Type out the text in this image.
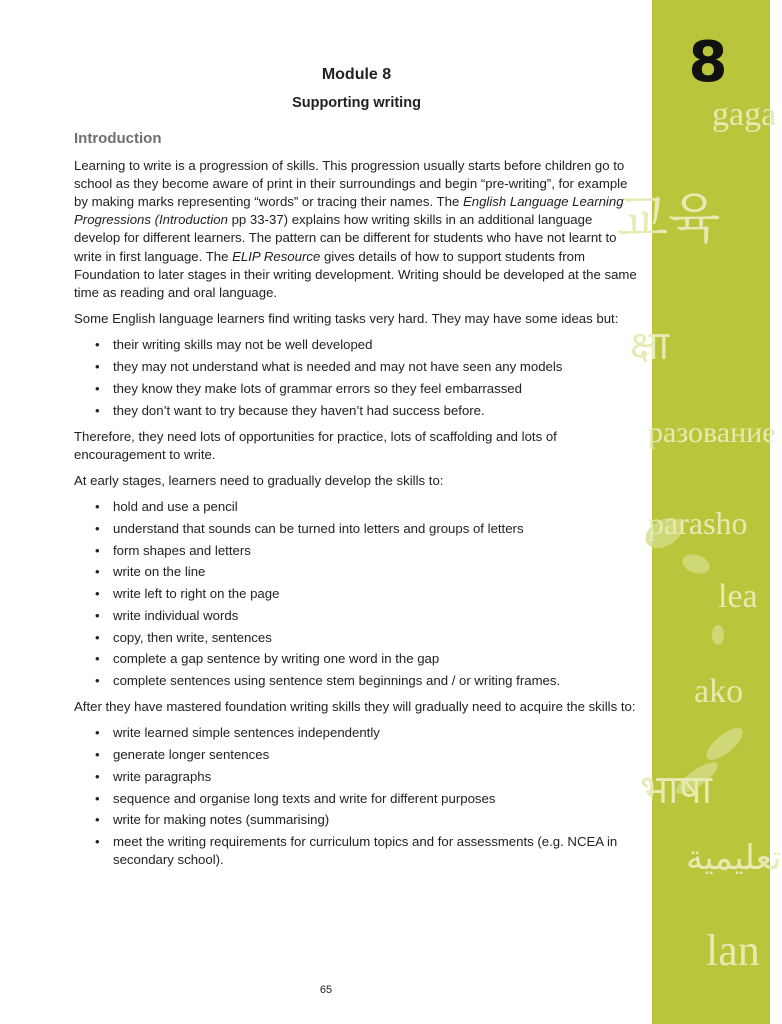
8
gaga
교육
क्षा
разование
parasho
lea
ako
भाषा
تعليمية
lan
Module 8
Supporting writing
Introduction

Learning to write is a progression of skills. This progression usually starts before children go to school as they become aware of print in their surroundings and begin “pre-writing”, for example by making marks representing “words” or tracing their names. The English Language Learning Progressions (Introduction pp 33-37) explains how writing skills in an additional language develop for different learners. The pattern can be different for students who have not learnt to write in first language. The ELIP Resource gives details of how to support students from Foundation to later stages in their writing development. Writing should be developed at the same time as reading and oral language.

Some English language learners find writing tasks very hard. They may have some ideas but:

• their writing skills may not be well developed
• they may not understand what is needed and may not have seen any models
• they know they make lots of grammar errors so they feel embarrassed
• they don’t want to try because they haven’t had success before.

Therefore, they need lots of opportunities for practice, lots of scaffolding and lots of encouragement to write.

At early stages, learners need to gradually develop the skills to:

• hold and use a pencil
• understand that sounds can be turned into letters and groups of letters
• form shapes and letters
• write on the line
• write left to right on the page
• write individual words
• copy, then write, sentences
• complete a gap sentence by writing one word in the gap
• complete sentences using sentence stem beginnings and / or writing frames.

After they have mastered foundation writing skills they will gradually need to acquire the skills to:

• write learned simple sentences independently
• generate longer sentences
• write paragraphs
• sequence and organise long texts and write for different purposes
• write for making notes (summarising)
• meet the writing requirements for curriculum topics and for assessments (e.g. NCEA in secondary school).
65
